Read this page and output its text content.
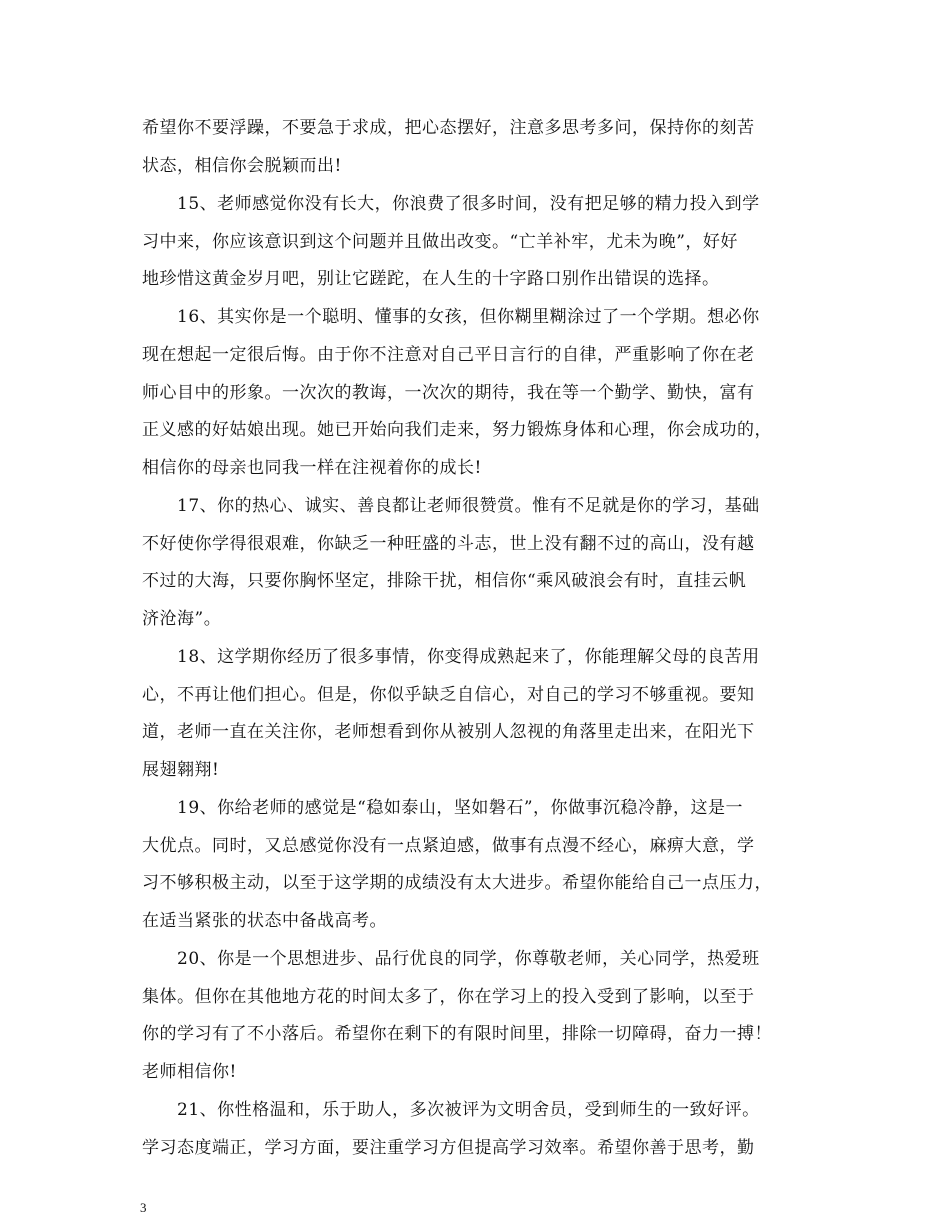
希望你不要浮躁，不要急于求成，把心态摆好，注意多思考多问，保持你的刻苦
状态，相信你会脱颖而出!
15、老师感觉你没有长大，你浪费了很多时间，没有把足够的精力投入到学
习中来，你应该意识到这个问题并且做出改变。“亡羊补牢，尤未为晚”，好好
地珍惜这黄金岁月吧，别让它蹉跎，在人生的十字路口别作出错误的选择。
16、其实你是一个聪明、懂事的女孩，但你糊里糊涂过了一个学期。想必你
现在想起一定很后悔。由于你不注意对自己平日言行的自律，严重影响了你在老
师心目中的形象。一次次的教诲，一次次的期待，我在等一个勤学、勤快，富有
正义感的好姑娘出现。她已开始向我们走来，努力锻炼身体和心理，你会成功的，
相信你的母亲也同我一样在注视着你的成长!
17、你的热心、诚实、善良都让老师很赞赏。惟有不足就是你的学习，基础
不好使你学得很艰难，你缺乏一种旺盛的斗志，世上没有翻不过的高山，没有越
不过的大海，只要你胸怀坚定，排除干扰，相信你“乘风破浪会有时，直挂云帆
济沧海”。
18、这学期你经历了很多事情，你变得成熟起来了，你能理解父母的良苦用
心，不再让他们担心。但是，你似乎缺乏自信心，对自己的学习不够重视。要知
道，老师一直在关注你，老师想看到你从被别人忽视的角落里走出来，在阳光下
展翅翱翔!
19、你给老师的感觉是“稳如泰山，坚如磐石”，你做事沉稳冷静，这是一
大优点。同时，又总感觉你没有一点紧迫感，做事有点漫不经心，麻痹大意，学
习不够积极主动，以至于这学期的成绩没有太大进步。希望你能给自己一点压力，
在适当紧张的状态中备战高考。
20、你是一个思想进步、品行优良的同学，你尊敬老师，关心同学，热爱班
集体。但你在其他地方花的时间太多了，你在学习上的投入受到了影响，以至于
你的学习有了不小落后。希望你在剩下的有限时间里，排除一切障碍，奋力一搏！
老师相信你!
21、你性格温和，乐于助人，多次被评为文明舍员，受到师生的一致好评。
学习态度端正，学习方面，要注重学习方但提高学习效率。希望你善于思考，勤
3
